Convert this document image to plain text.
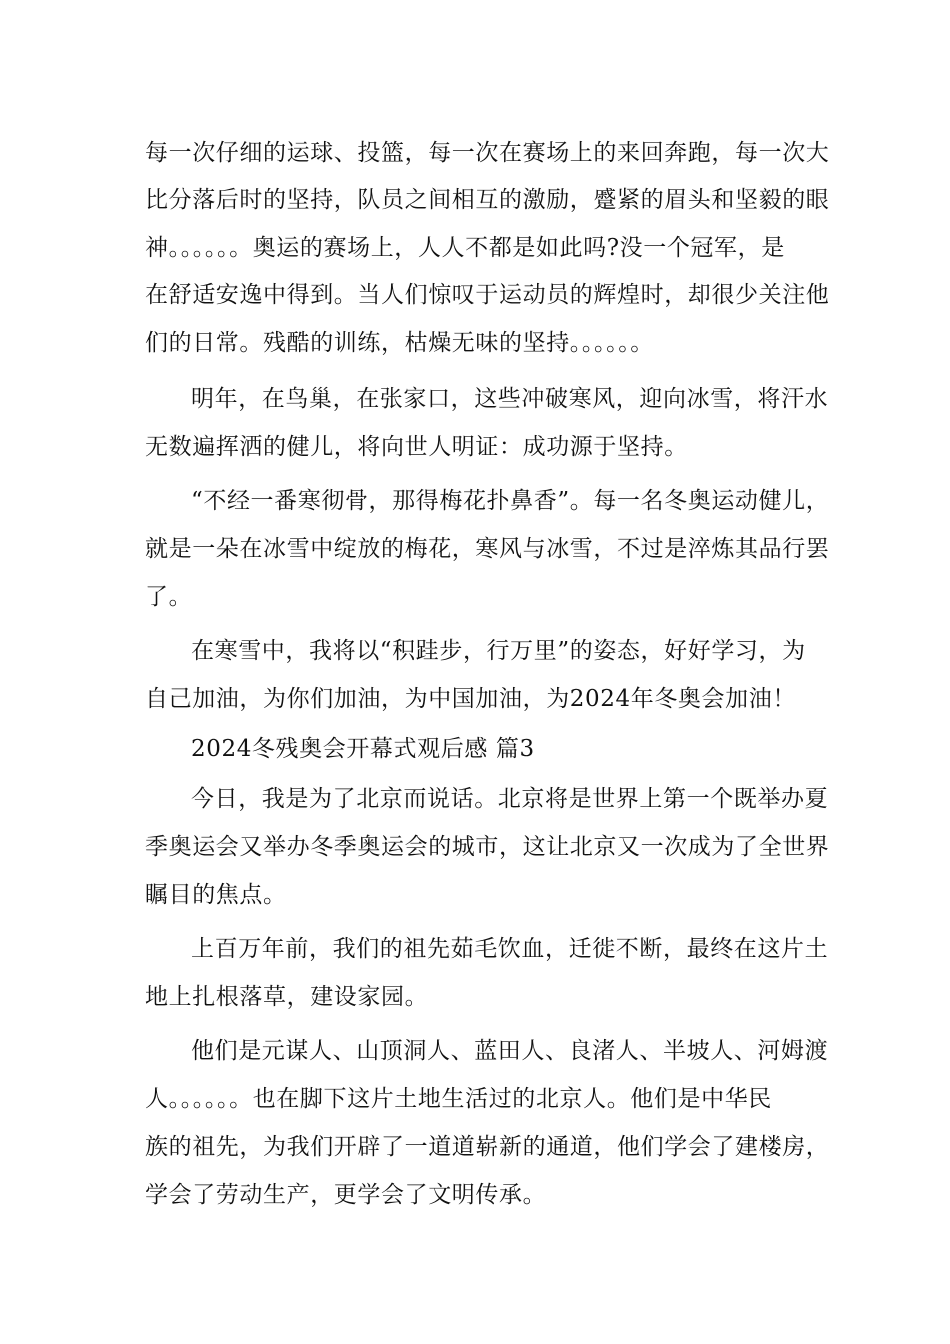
每一次仔细的运球、投篮，每一次在赛场上的来回奔跑，每一次大
比分落后时的坚持，队员之间相互的激励，蹙紧的眉头和坚毅的眼
神。。。。。。奥运的赛场上，人人不都是如此吗?没一个冠军，是
在舒适安逸中得到。当人们惊叹于运动员的辉煌时，却很少关注他
们的日常。残酷的训练，枯燥无味的坚持。。。。。。
明年，在鸟巢，在张家口，这些冲破寒风，迎向冰雪，将汗水
无数遍挥洒的健儿，将向世人明证：成功源于坚持。
“不经一番寒彻骨，那得梅花扑鼻香”。每一名冬奥运动健儿，
就是一朵在冰雪中绽放的梅花，寒风与冰雪，不过是淬炼其品行罢
了。
在寒雪中，我将以“积跬步，行万里”的姿态，好好学习，为
自己加油，为你们加油，为中国加油，为2024年冬奥会加油！
2024冬残奥会开幕式观后感 篇3
今日，我是为了北京而说话。北京将是世界上第一个既举办夏
季奥运会又举办冬季奥运会的城市，这让北京又一次成为了全世界
瞩目的焦点。
上百万年前，我们的祖先茹毛饮血，迁徙不断，最终在这片土
地上扎根落草，建设家园。
他们是元谋人、山顶洞人、蓝田人、良渚人、半坡人、河姆渡
人。。。。。。也在脚下这片土地生活过的北京人。他们是中华民
族的祖先，为我们开辟了一道道崭新的通道，他们学会了建楼房，
学会了劳动生产，更学会了文明传承。
